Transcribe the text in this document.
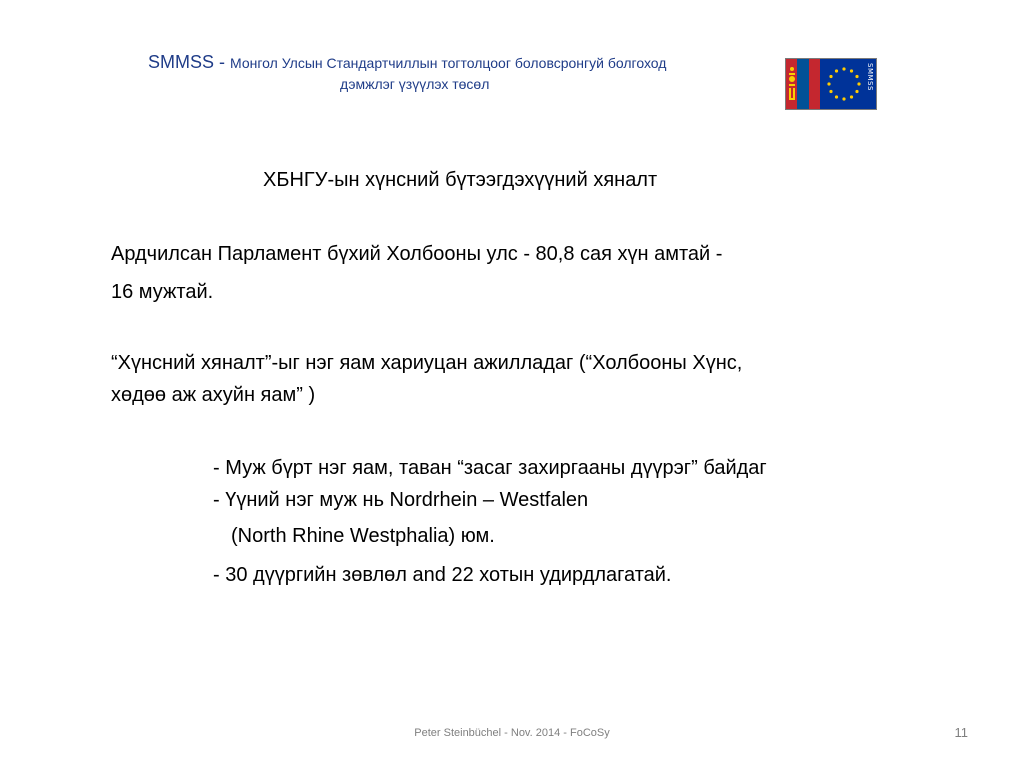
SMMSS - Монгол Улсын Стандартчиллын тогтолцоог боловсронгуй болгоход
дэмжлэг үзүүлэх төсөл	SMMSS
ХБНГУ-ын хүнсний бүтээгдэхүүний хяналт
Ардчилсан Парламент бүхий Холбооны улс - 80,8 сая хүн амтай -
16 мужтай.
“Хүнсний хяналт”-ыг нэг яам хариуцан ажилладаг (“Холбооны Хүнс,
хөдөө аж ахуйн яам” )
- Муж бүрт нэг яам, таван “засаг захиргааны дүүрэг” байдаг
- Үүний нэг муж нь Nordrhein – Westfalen
(North Rhine Westphalia) юм.
- 30 дүүргийн зөвлөл and 22 хотын удирдлагатай.
Peter Steinbüchel - Nov. 2014 - FoCoSy	11
